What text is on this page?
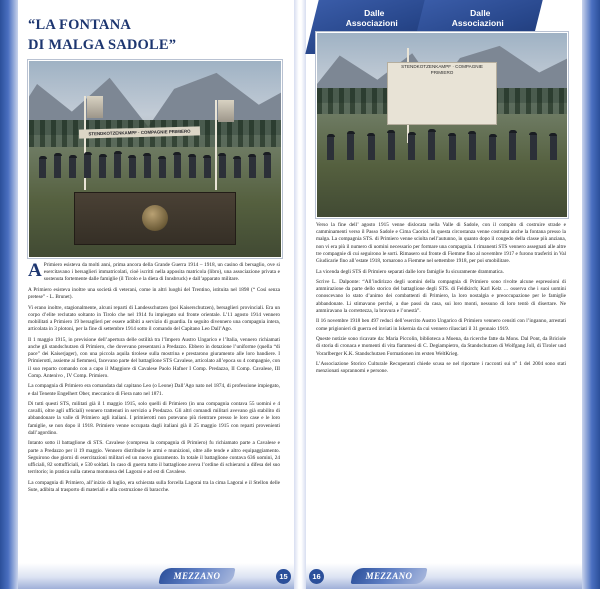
Dalle
Associazioni
Dalle
Associazioni
“LA FONTANA
DI MALGA SADOLE”
STENDKOTZENKAMPF · COMPAGNIE PRIMIERO
STENDKOTZENKAMPF · COMPAGNIE PRIMIERO

A Primiero esisteva da molti anni, prima ancora della Grande Guerra 1914 – 1918, un casino di bersaglio, ove si esercitavano i bersaglieri immatricolati, cioè iscritti nella apposita matricola (libro), una associazione privata e sostenuta fortemente dalle famiglie (il Tirolo e la dieta di Innsbruck) e dall’apparato militare.

A Primiero esisteva inoltre una società di veterani, come in altri luoghi del Trentino, istituita nel 1898 (“ Così senza pretese” - L. Brunet).

Vi erano inoltre, stagionalmente, alcuni reparti di Landesschutzen (poi Kaiserschutzen), bersaglieri provinciali. Era un corpo d’elite reclutato soltanto in Tirolo che nel 1914 fu impiegato sul fronte orientale. L’11 agosto 1914 vennero mobilitati a Primiero 19 bersaglieri per essere adibiti a servizio di guardia. In seguito divennero una compagnia intera, articolata in 3 plotoni, per la fine di settembre 1914 sotto il comando del Capitano Leo Dall’Ago.

Il 1 maggio 1915, in previsione dell’apertura delle ostilità tra l’Impero Austro Ungarico e l’Italia, vennero richiamati anche gli standschutzen di Primiero, che dovevano presentarsi a Predazzo. Ebbero in dotazione l’uniforme (quella “di pace” dei Kaiserjager), con una piccola aquila tirolese sulla mostrina e prestarono giuramento alle loro bandiere. I Primierotti, assieme ai fiemmesi, facevano parte del battaglione STS Cavalese, articolato all’epoca su 4 compagnie, con il suo reparto comando con a capo il Maggiore di Cavalese Paolo Hafner I Comp. Predazzo, II Comp. Cavalese, III Comp. Antenivo , IV Comp. Primiero.

La compagnia di Primiero era comandata dal capitano Leo (o Leone) Dall’Ago nato nel 1874, di professione impiegato, e dal Tenente Engelhert Ober, meccanico di Fiera nato nel 1871.

Di tutti questi STS, militati già il 1 maggio 1915, solo quelli di Primiero (in una compagnia contava 55 uomini e 4 cavalli, oltre agli ufficiali) vennero trattenuti in servizio a Predazzo. Gli altri comandi militari avevano già stabilito di abbandonare la valle di Primiero agli italiani. I primierotti non potevano più rientrare presso le loro case e le loro famiglie, se non dopo il 1918. Primiero venne occupata dagli italiani già il 25 maggio 1915 con reparti provenienti dall’agordino.

Intanto sotto il battaglione di STS. Cavalese (compresa la compagnia di Primiero) fu richiamato parte a Cavalese e parte a Predazzo per il 19 maggio. Vennero distribuite le armi e munizioni, oltre alle tende e altro equipaggiamento. Seguirono due giorni di esercitazioni militari ed un nuovo giuramento. In totale il battaglione contava 636 uomini, 24 ufficiali, 82 sottufficiali, e 530 soldati. In caso di guerra tutto il battaglione aveva l’ordine di schierarsi a difesa del suo territorio; in pratica sulla catena montuosa del Lagorai e ad est di Cavalese.

La compagnia di Primiero, all’inizio di luglio, era schierata sulla forcella Lagorai tra la cima Lagorai e il Stellon delle Sute, adibita al trasporto di materiali e alla costruzione di baracche.

Verso la fine dell’ agosto 1915 venne dislocata nella Valle di Sadole, con il compito di costruire strade e camminamenti verso il Passo Sadole e Cima Caoriol. In questa circostanza venne costruita anche la fontana presso la malga. La compagnia STS. di Primiero venne sciolta nell’autunno, in quanto dopo il congedo della classe più anziana, non vi era più il numero di uomini necessario per formare una compagnia. I rimanenti STS vennero assegnati alle altre tre compagnie di cui seguirono le sorti. Rimasero sul fronte di Fiemme fino al novembre 1917 e furono trasferiti in Val Giudicarie fino all’estate 1918, tornarono a Fiemme nel settembre 1918, per poi smobilitare.

La vicenda degli STS di Primiero separati dalle loro famiglie fu sicuramente drammatica.

Scrive L. Dalponte: “All’indirizzo degli uomini della compagnia di Primiero sono rivolte alcune espressioni di ammirazione da parte dello storico del battaglione degli STS. di Feldkirch; Karl Kelz … osserva che i suoi uomini conoscevano lo stato d’animo dei combattenti di Primiero, la loro nostalgia e preoccupazione per le famiglie abbandonate. Li stimavano perché, a due passi da casa, sui loro monti, nessuno di loro tentò di disertare. Ne ammiravano la correttezza, la bravura e l’onestà”.

Il 16 novembre 1918 ben 497 reduci dell’esercito Austro Ungarico di Primiero vennero censiti con l’inganno, arrestati come prigionieri di guerra ed inviati in Iskernia da cui vennero rilasciati il 31 gennaio 1919.

Queste notizie sono ricavate da: Maria Piccolin, biblioteca a Moena, da ricerche fatte da Mons. Dal Pont, da Briciole di storia di cronaca e momenti di vita fiammesi di C. Degiampietro, da Standschutzen di Wolfgang Joll, di Tiroler und Vorarlberger K.K. Standschutzen Formationen im ersten WeltKrieg.

L’Associazione Storico Culturale Recuperanti chiede scusa se nel riportare i racconti sui n° 1 del 2004 sono stati menzionati soprannomi e persone.

MEZZANO	15	16	MEZZANO
